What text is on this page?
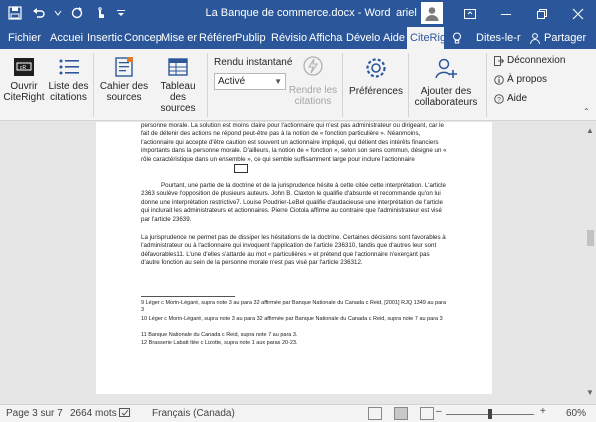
La Banque de commerce.docx - Word ariel
Fichier Accuei Insertic Concep Mise er Référer Publip Révisio Afficha Dévelo Aide CiteRig	Dites-le-r Partager
cR
Ouvrir CiteRight
Liste des citations
Cahier des sources
Tableau des sources
Rendu instantané
Activé	▼
Rendre les citations
Préférences	Ajouter des collaborateurs
Déconnexion
À propos
? Aide
⌃

personne morale. La solution est moins claire pour l'actionnaire qui n'est pas administrateur ou dirigeant, car le fait de détenir des actions ne répond peut-être pas à la notion de « fonction particulière ». Néanmoins, l'actionnaire qui accepte d'être caution est souvent un actionnaire impliqué, qui détient des intérêts financiers importants dans la personne morale. D'ailleurs, la notion de « fonction », selon son sens commun, désigne un « rôle caractéristique dans un ensemble », ce qui semble suffisamment large pour inclure l'actionnaire

Pourtant, une partie de la doctrine et de la jurisprudence hésite à cette citée cette interprétation. L'article 2363 soulève l'opposition de plusieurs auteurs. John B. Claxton le qualifie d'absurde et recommande qu'on lui donne une interprétation restrictive7. Louise Poudrier-LeBel qualifie d'audacieuse une interprétation de l'article qui inclurait les administrateurs et actionnaires. Pierre Ciotola affirme au contraire que l'administrateur est visé par l'article 23639.

La jurisprudence ne permet pas de dissiper les hésitations de la doctrine. Certaines décisions sont favorables à l'administrateur ou à l'actionnaire qui invoquent l'application de l'article 236310, tandis que d'autres leur sont défavorables11. L'une d'elles s'attarde au mot « particulières » et prétend que l'actionnaire n'exerçant pas d'autre fonction au sein de la personne morale n'est pas visé par l'article 236312.

9 Léger c Morin-Légaré, supra note 3 au para 32 affirmée par Banque Nationale du Canada c Reid, [2001] RJQ 1349 au para 3
10 Léger c Morin-Légaré, supra note 3 au para 32 affirmée par Banque Nationale du Canada c Reid, supra note 7 au para 3
11 Banque Nationale du Canada c Reid, supra note 7 au para 3.
12 Brasserie Labatt ltée c Lizotte, supra note 1 aux paras 20-23.
▲
▼
Page 3 sur 7 2664 mots	Français (Canada)	–	+ 60%
